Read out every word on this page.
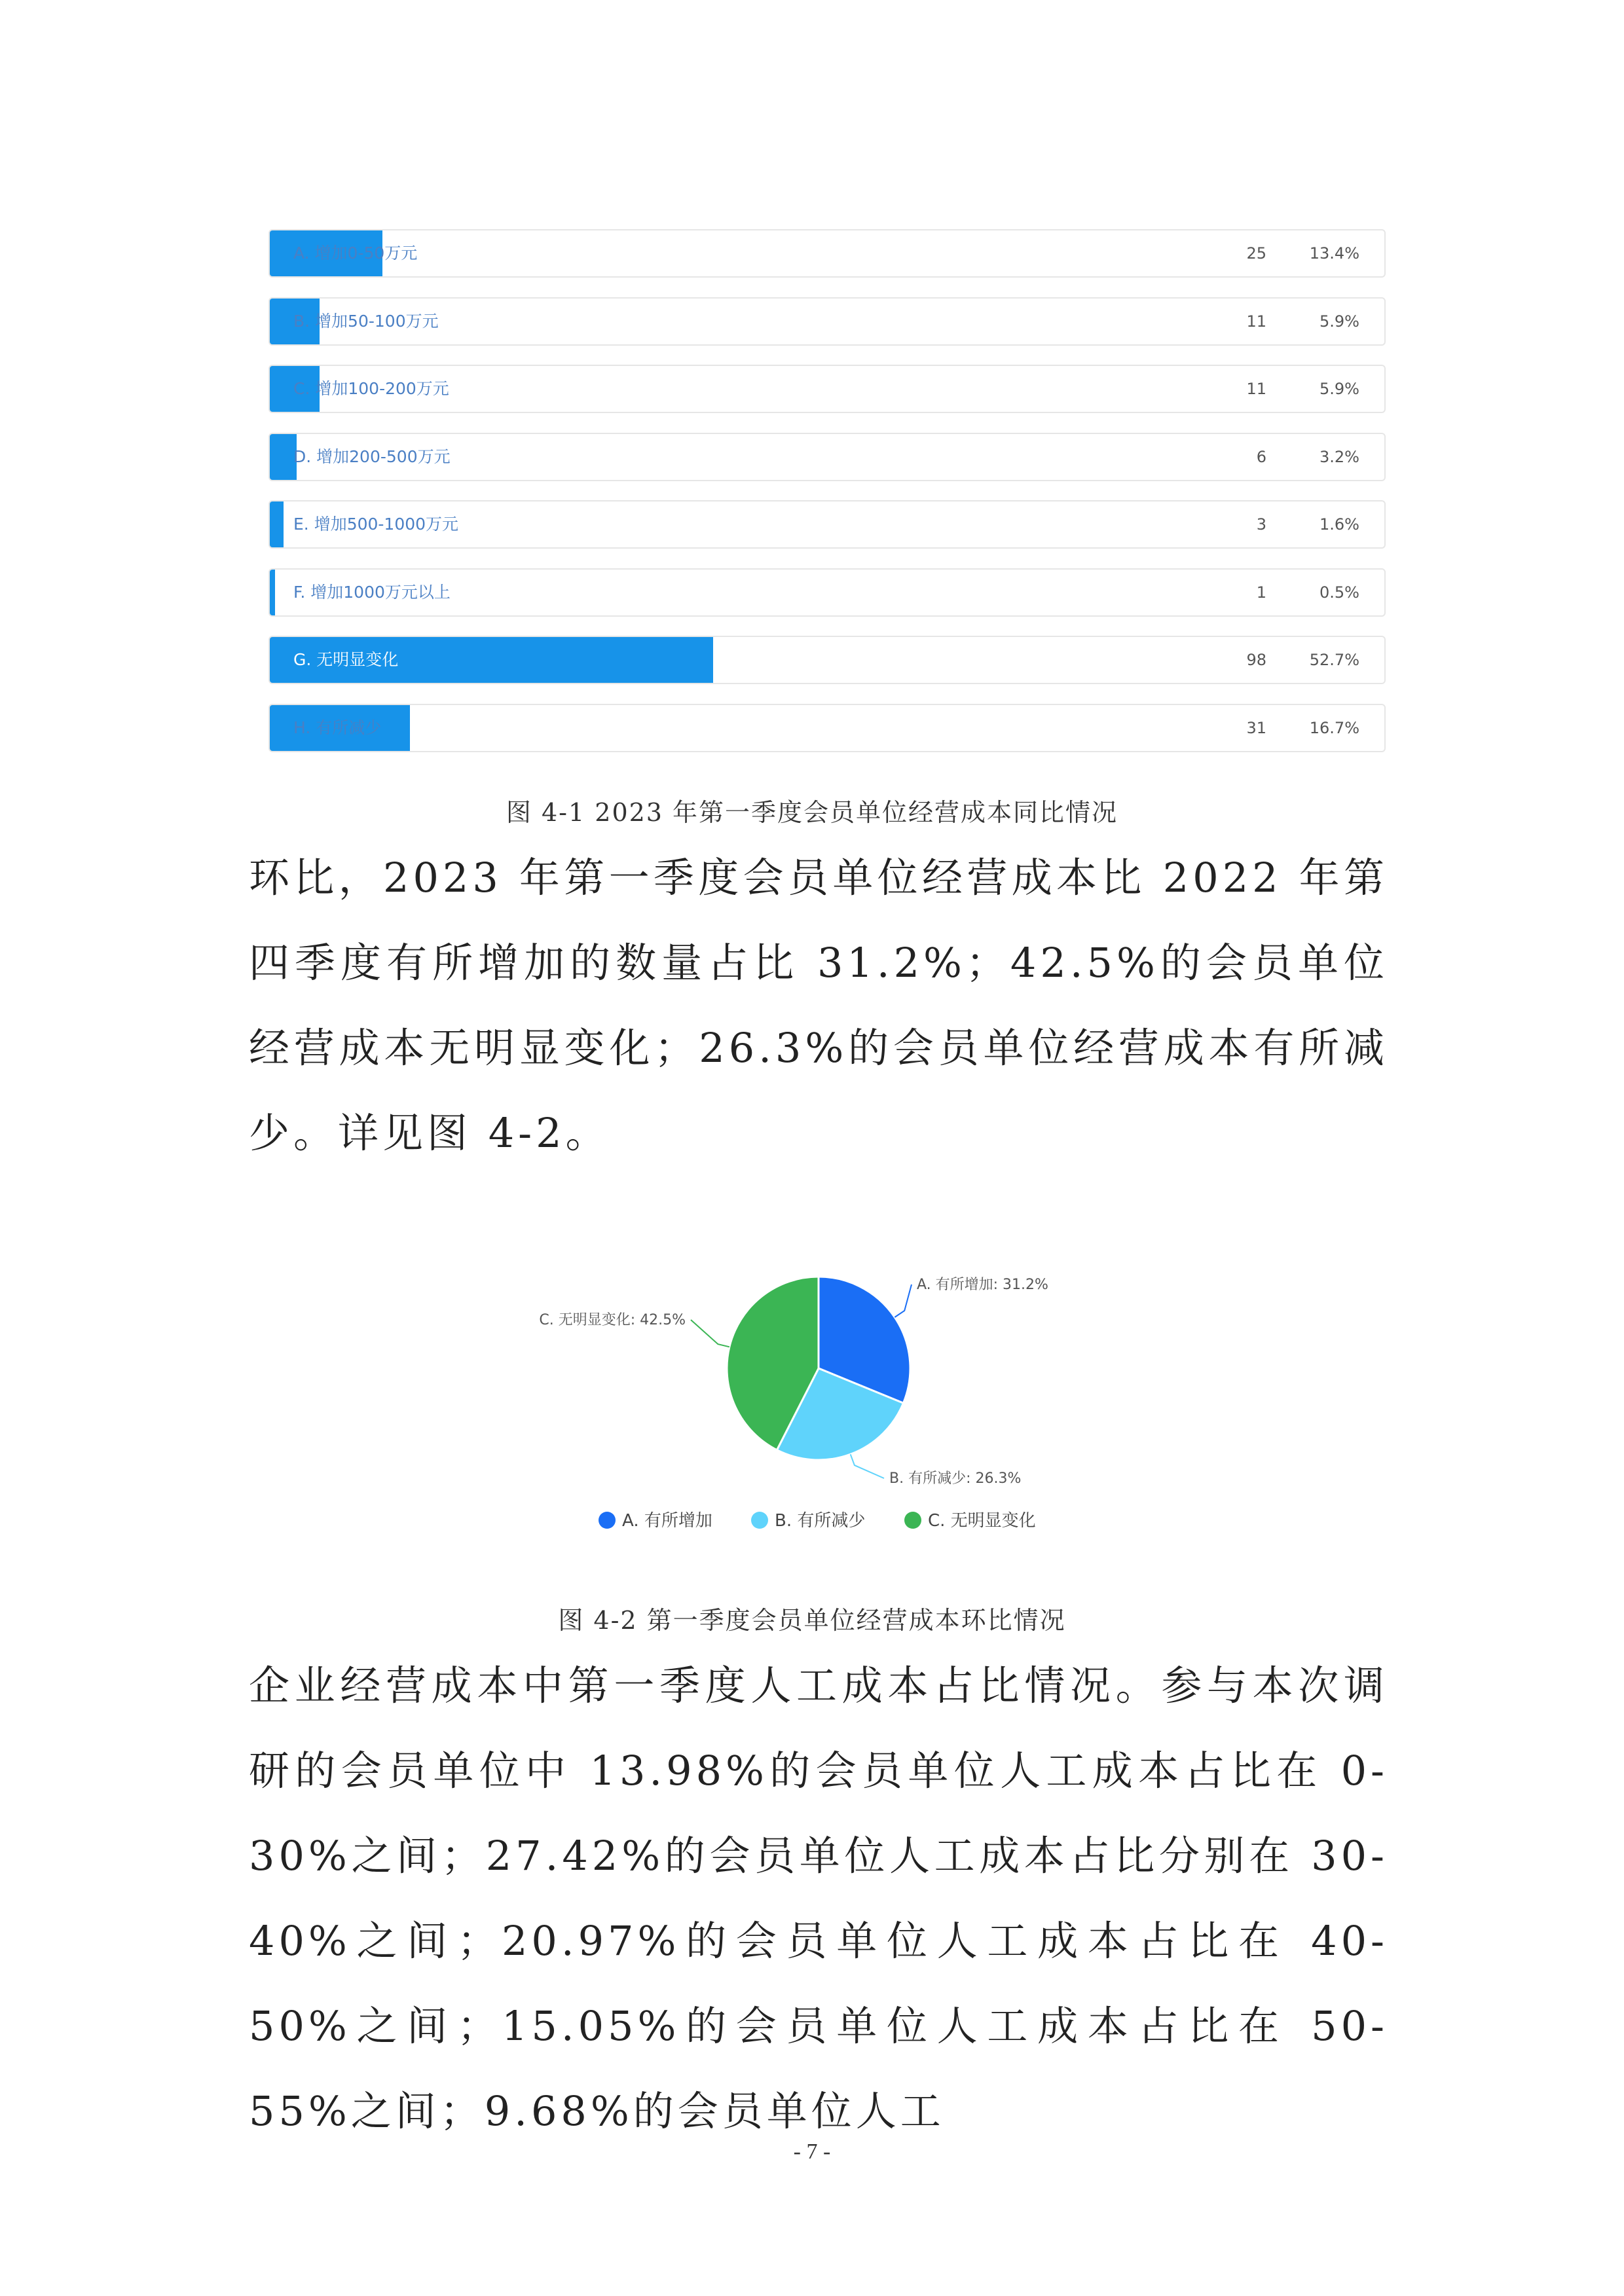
A. 增加0-50万元	25	13.4%
B. 增加50-100万元	11	5.9%
C. 增加100-200万元	11	5.9%
D. 增加200-500万元	6	3.2%
E. 增加500-1000万元	3	1.6%
F. 增加1000万元以上	1	0.5%
G. 无明显变化	98	52.7%
H. 有所减少	31	16.7%
图 4-1 2023 年第一季度会员单位经营成本同比情况
环比，2023 年第一季度会员单位经营成本比 2022 年第四季度有所增加的数量占比 31.2%；42.5%的会员单位经营成本无明显变化；26.3%的会员单位经营成本有所减少。详见图 4-2。
A. 有所增加: 31.2%
B. 有所减少: 26.3%
C. 无明显变化: 42.5%
A. 有所增加	B. 有所减少	C. 无明显变化
图 4-2 第一季度会员单位经营成本环比情况
企业经营成本中第一季度人工成本占比情况。参与本次调研的会员单位中 13.98%的会员单位人工成本占比在 0-30%之间；27.42%的会员单位人工成本占比分别在 30-40%之间；20.97%的会员单位人工成本占比在 40-50%之间；15.05%的会员单位人工成本占比在 50-55%之间；9.68%的会员单位人工
- 7 -
